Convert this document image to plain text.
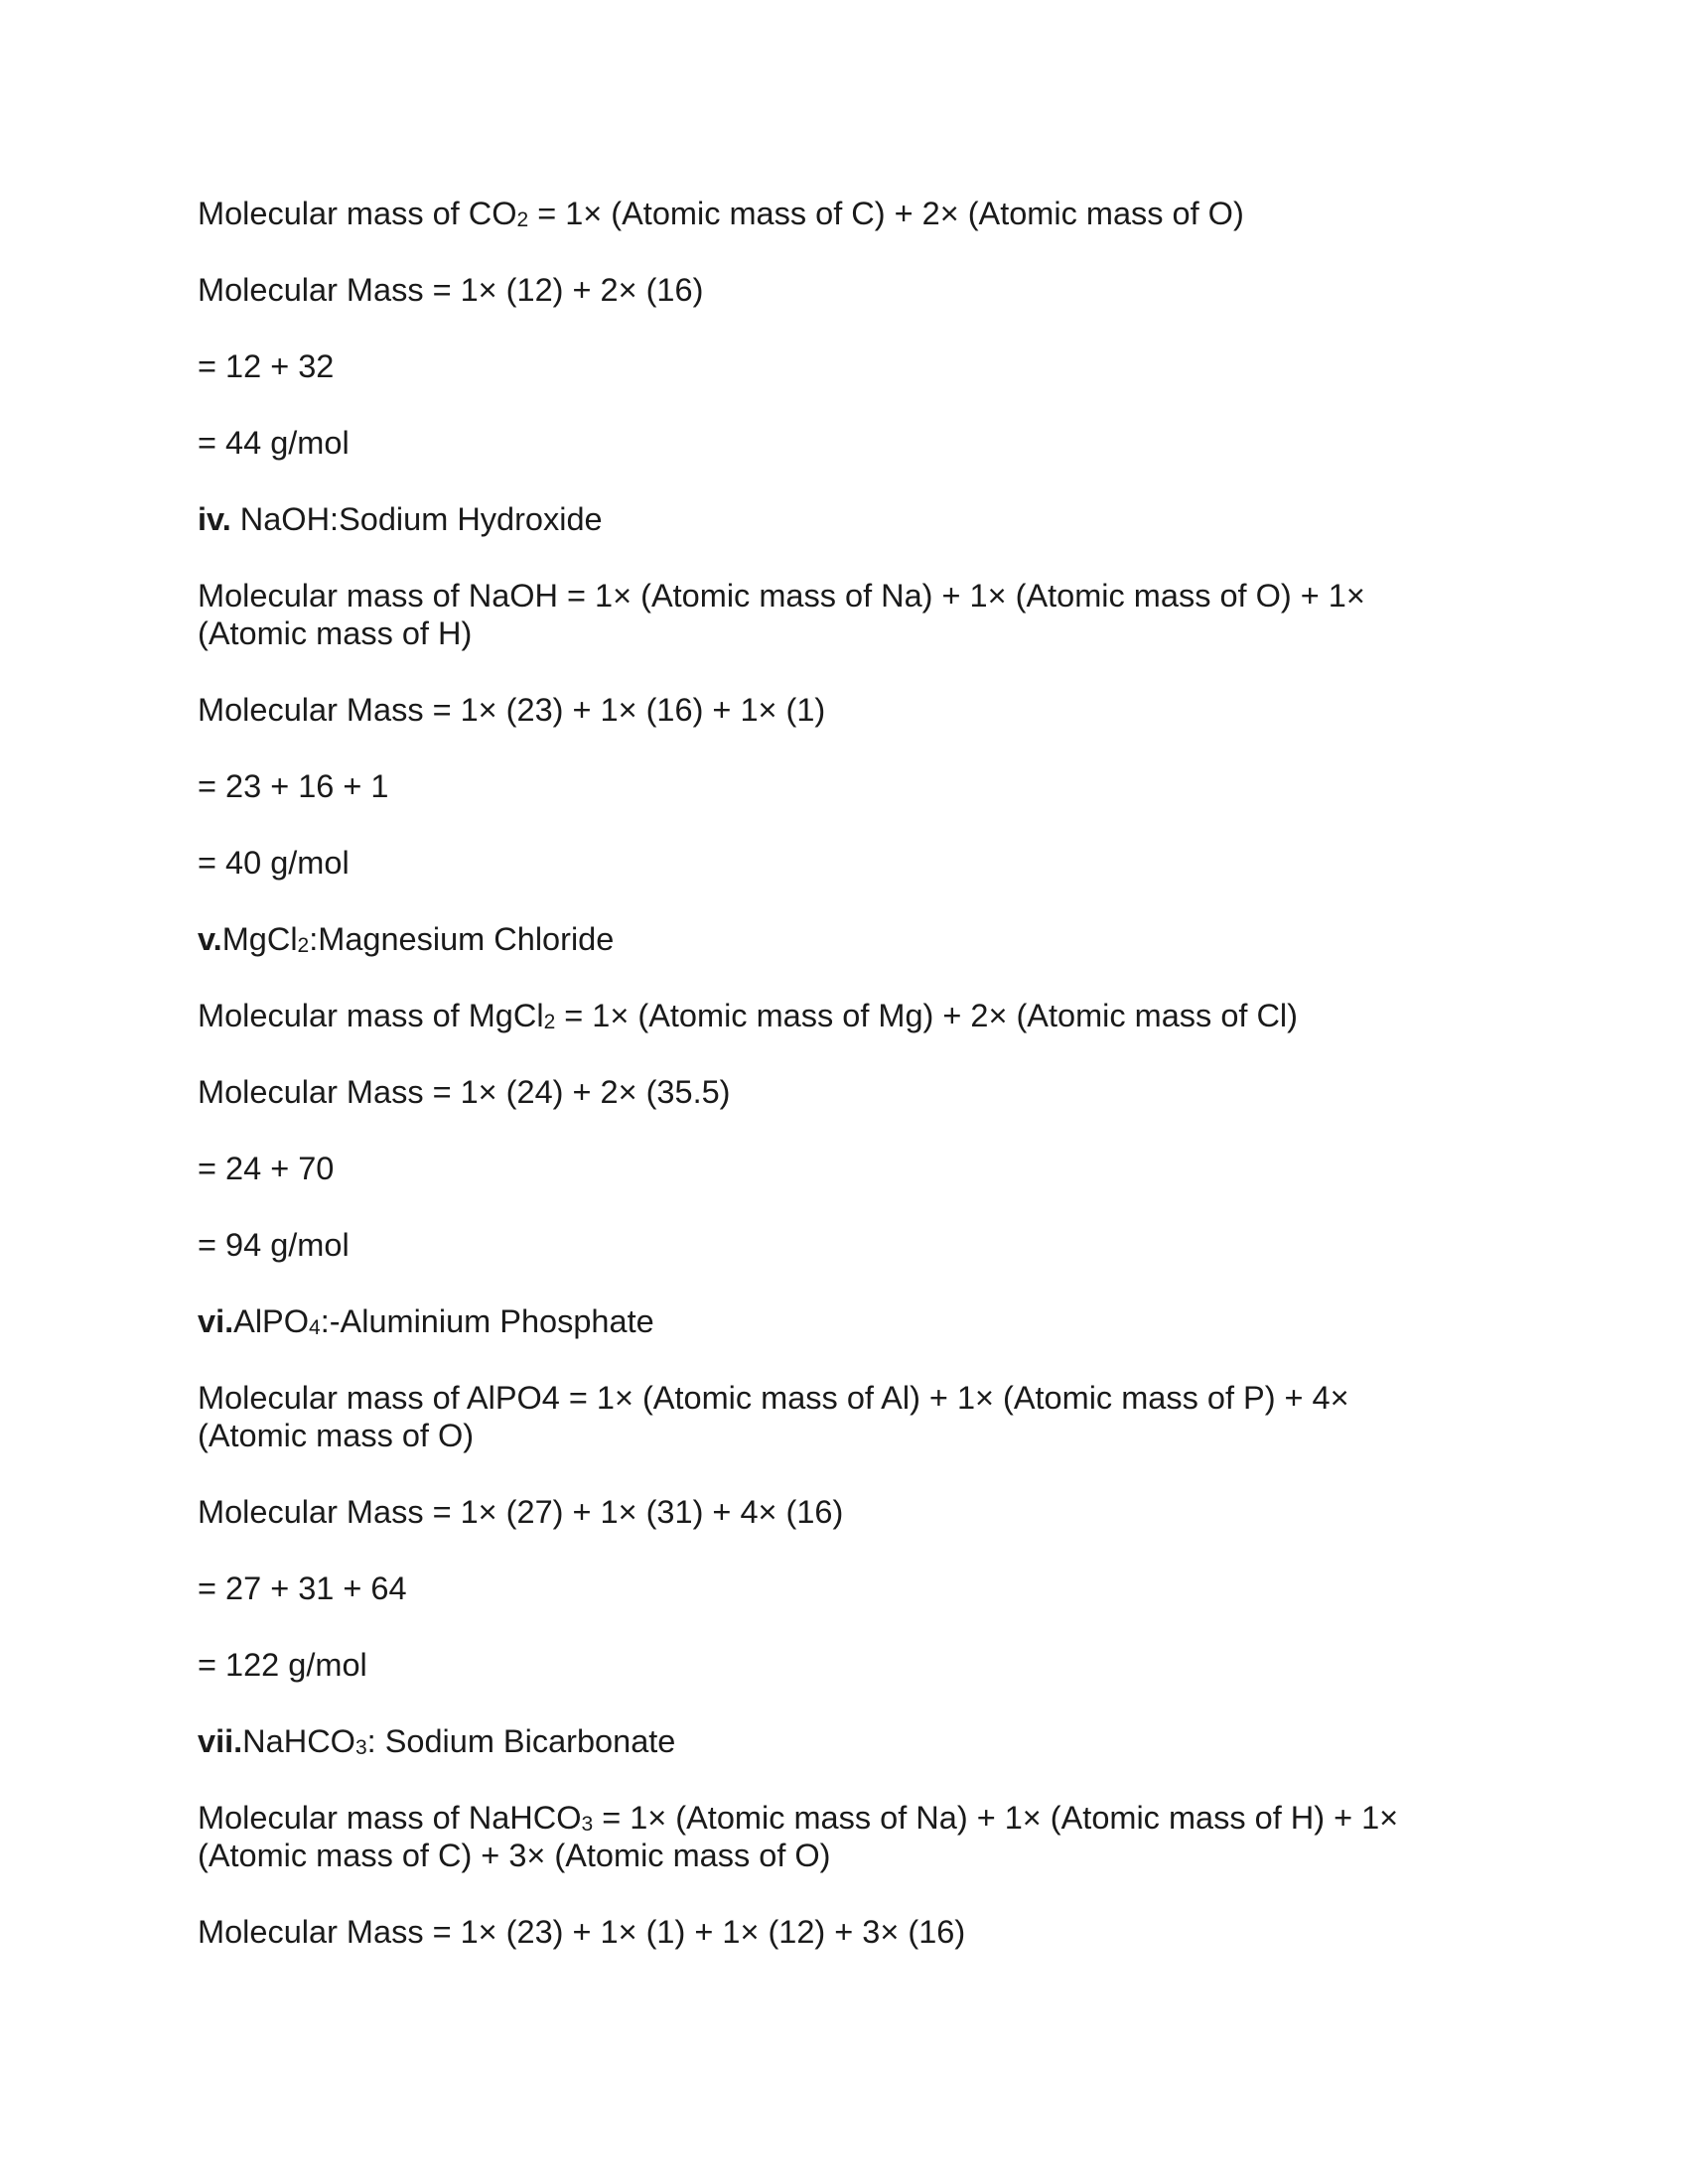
Molecular mass of $CO_2 = 1\times$ (Atomic mass of C) + 2× (Atomic mass of O)

Molecular Mass = 1× (12) + 2× (16)

= 12 + 32

= 44 g/mol

iv. NaOH:Sodium Hydroxide

Molecular mass of NaOH = 1× (Atomic mass of Na) + 1× (Atomic mass of O) + 1× (Atomic mass of H)

Molecular Mass = 1× (23) + 1× (16) + 1× (1)

= 23 + 16 + 1

= 40 g/mol

v.MgCl$_2$:Magnesium Chloride

Molecular mass of MgCl$_2$ = 1× (Atomic mass of Mg) + 2× (Atomic mass of Cl)

Molecular Mass = 1× (24) + 2× (35.5)

= 24 + 70

= 94 g/mol

vi.AlPO$_4$:-Aluminium Phosphate

Molecular mass of AlPO4 = 1× (Atomic mass of Al) + 1× (Atomic mass of P) + 4× (Atomic mass of O)

Molecular Mass = 1× (27) + 1× (31) + 4× (16)

= 27 + 31 + 64

= 122 g/mol

vii.NaHCO$_3$: Sodium Bicarbonate

Molecular mass of NaHCO$_3$ = 1× (Atomic mass of Na) + 1× (Atomic mass of H) + 1× (Atomic mass of C) + 3× (Atomic mass of O)

Molecular Mass = 1× (23) + 1× (1) + 1× (12) + 3× (16)
